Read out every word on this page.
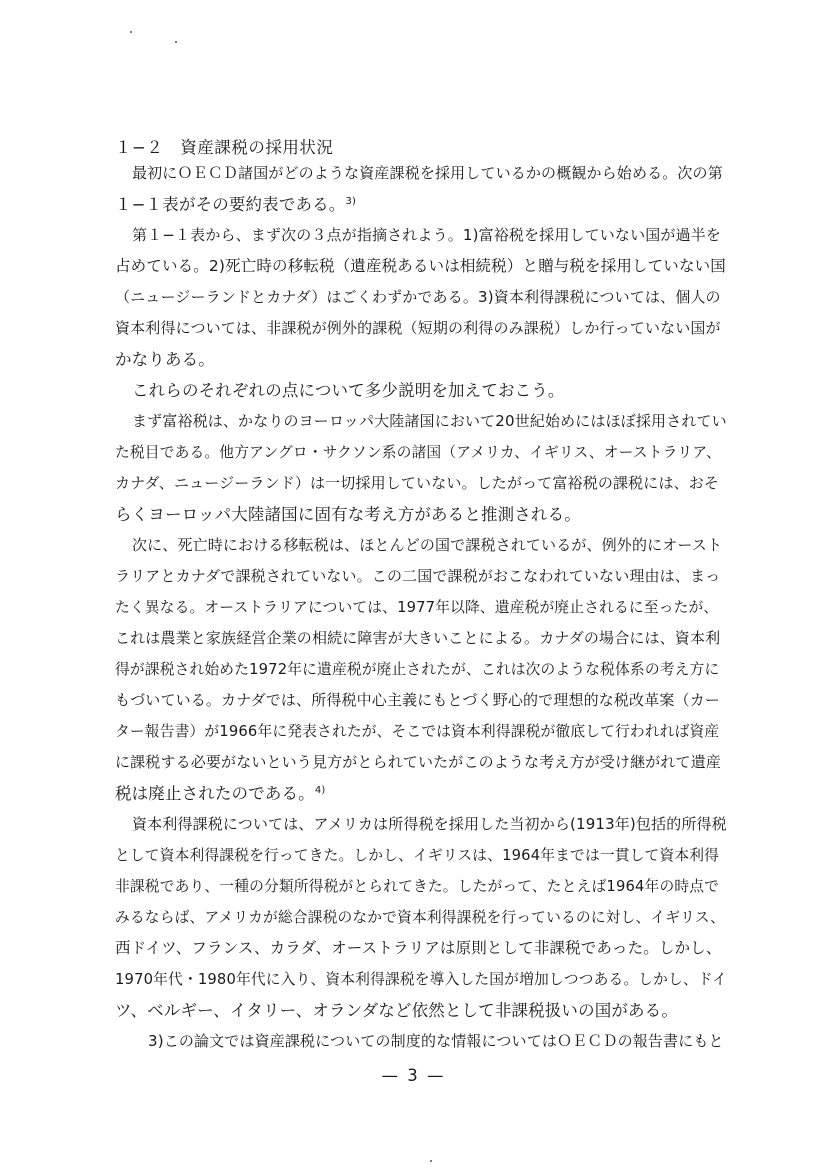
１−２　資産課税の採用状況
最初にＯＥＣＤ諸国がどのような資産課税を採用しているかの概観から始める。次の第
１−１表がその要約表である。$^{3)}$
第１−１表から、まず次の３点が指摘されよう。1)富裕税を採用していない国が過半を
占めている。2)死亡時の移転税（遺産税あるいは相続税）と贈与税を採用していない国
（ニュージーランドとカナダ）はごくわずかである。3)資本利得課税については、個人の
資本利得については、非課税が例外的課税（短期の利得のみ課税）しか行っていない国が
かなりある。
これらのそれぞれの点について多少説明を加えておこう。
まず富裕税は、かなりのヨーロッパ大陸諸国において20世紀始めにはほぼ採用されてい
た税目である。他方アングロ・サクソン系の諸国（アメリカ、イギリス、オーストラリア、
カナダ、ニュージーランド）は一切採用していない。したがって富裕税の課税には、おそ
らくヨーロッパ大陸諸国に固有な考え方があると推測される。
次に、死亡時における移転税は、ほとんどの国で課税されているが、例外的にオースト
ラリアとカナダで課税されていない。この二国で課税がおこなわれていない理由は、まっ
たく異なる。オーストラリアについては、1977年以降、遺産税が廃止されるに至ったが、
これは農業と家族経営企業の相続に障害が大きいことによる。カナダの場合には、資本利
得が課税され始めた1972年に遺産税が廃止されたが、これは次のような税体系の考え方に
もづいている。カナダでは、所得税中心主義にもとづく野心的で理想的な税改革案（カー
ター報告書）が1966年に発表されたが、そこでは資本利得課税が徹底して行われれば資産
に課税する必要がないという見方がとられていたがこのような考え方が受け継がれて遺産
税は廃止されたのである。$^{4)}$
資本利得課税については、アメリカは所得税を採用した当初から(1913年)包括的所得税
として資本利得課税を行ってきた。しかし、イギリスは、1964年までは一貫して資本利得
非課税であり、一種の分類所得税がとられてきた。したがって、たとえば1964年の時点で
みるならば、アメリカが総合課税のなかで資本利得課税を行っているのに対し、イギリス、
西ドイツ、フランス、カラダ、オーストラリアは原則として非課税であった。しかし、
1970年代・1980年代に入り、資本利得課税を導入した国が増加しつつある。しかし、ドイ
ツ、ベルギー、イタリー、オランダなど依然として非課税扱いの国がある。
3)この論文では資産課税についての制度的な情報についてはＯＥＣＤの報告書にもと
— 3 —
